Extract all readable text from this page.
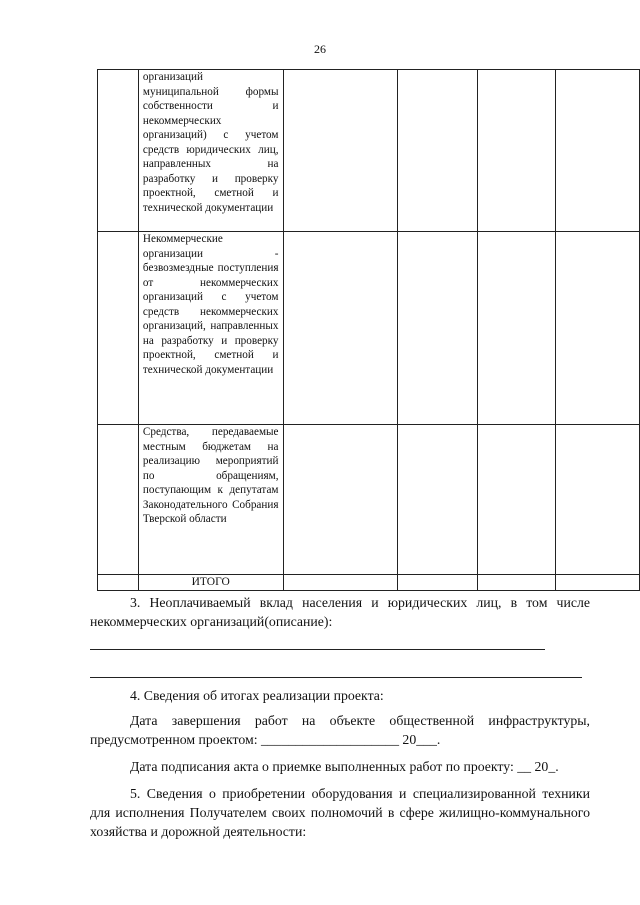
26
	организаций муниципальной формы собственности и некоммерческих организаций) с учетом средств юридических лиц, направленных на разработку и проверку проектной, сметной и технической документации				
	Некоммерческие организации - безвозмездные поступления от некоммерческих организаций с учетом средств некоммерческих организаций, направленных на разработку и проверку проектной, сметной и технической документации				
	Средства, передаваемые местным бюджетам на реализацию мероприятий по обращениям, поступающим к депутатам Законодательного Собрания Тверской области				
	ИТОГО				
3. Неоплачиваемый вклад населения и юридических лиц, в том числе некоммерческих организаций(описание):
4. Сведения об итогах реализации проекта:
Дата завершения работ на объекте общественной инфраструктуры, предусмотренном проектом: ____________________ 20___.
Дата подписания акта о приемке выполненных работ по проекту: __ 20_.
5. Сведения о приобретении оборудования и специализированной техники для исполнения Получателем своих полномочий в сфере жилищно-коммунального хозяйства и дорожной деятельности:
